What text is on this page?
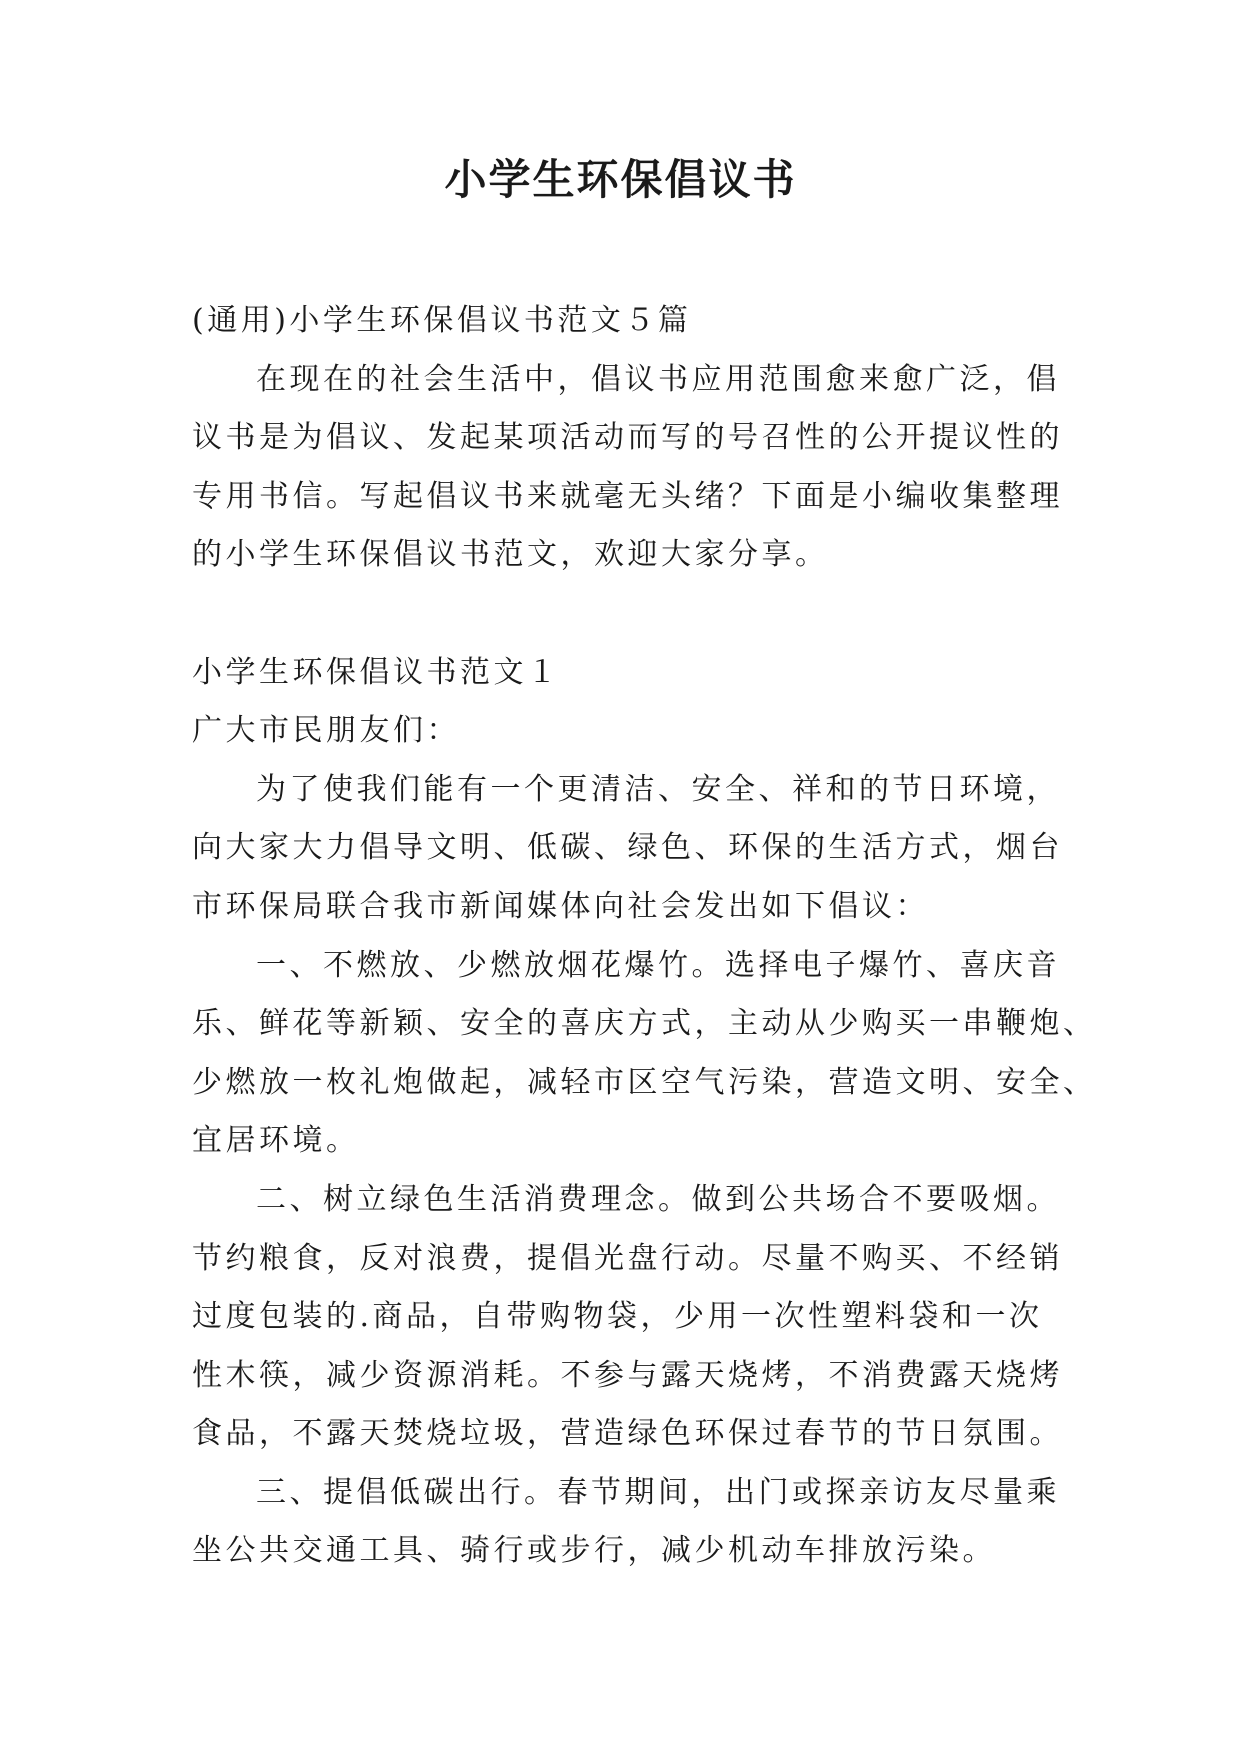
小学生环保倡议书
(通用)小学生环保倡议书范文５篇
在现在的社会生活中，倡议书应用范围愈来愈广泛，倡
议书是为倡议、发起某项活动而写的号召性的公开提议性的
专用书信。写起倡议书来就毫无头绪？下面是小编收集整理
的小学生环保倡议书范文，欢迎大家分享。
小学生环保倡议书范文１
广大市民朋友们：
为了使我们能有一个更清洁、安全、祥和的节日环境，
向大家大力倡导文明、低碳、绿色、环保的生活方式，烟台
市环保局联合我市新闻媒体向社会发出如下倡议：
一、不燃放、少燃放烟花爆竹。选择电子爆竹、喜庆音
乐、鲜花等新颖、安全的喜庆方式，主动从少购买一串鞭炮、
少燃放一枚礼炮做起，减轻市区空气污染，营造文明、安全、
宜居环境。
二、树立绿色生活消费理念。做到公共场合不要吸烟。
节约粮食，反对浪费，提倡光盘行动。尽量不购买、不经销
过度包装的.商品，自带购物袋，少用一次性塑料袋和一次
性木筷，减少资源消耗。不参与露天烧烤，不消费露天烧烤
食品，不露天焚烧垃圾，营造绿色环保过春节的节日氛围。
三、提倡低碳出行。春节期间，出门或探亲访友尽量乘
坐公共交通工具、骑行或步行，减少机动车排放污染。
